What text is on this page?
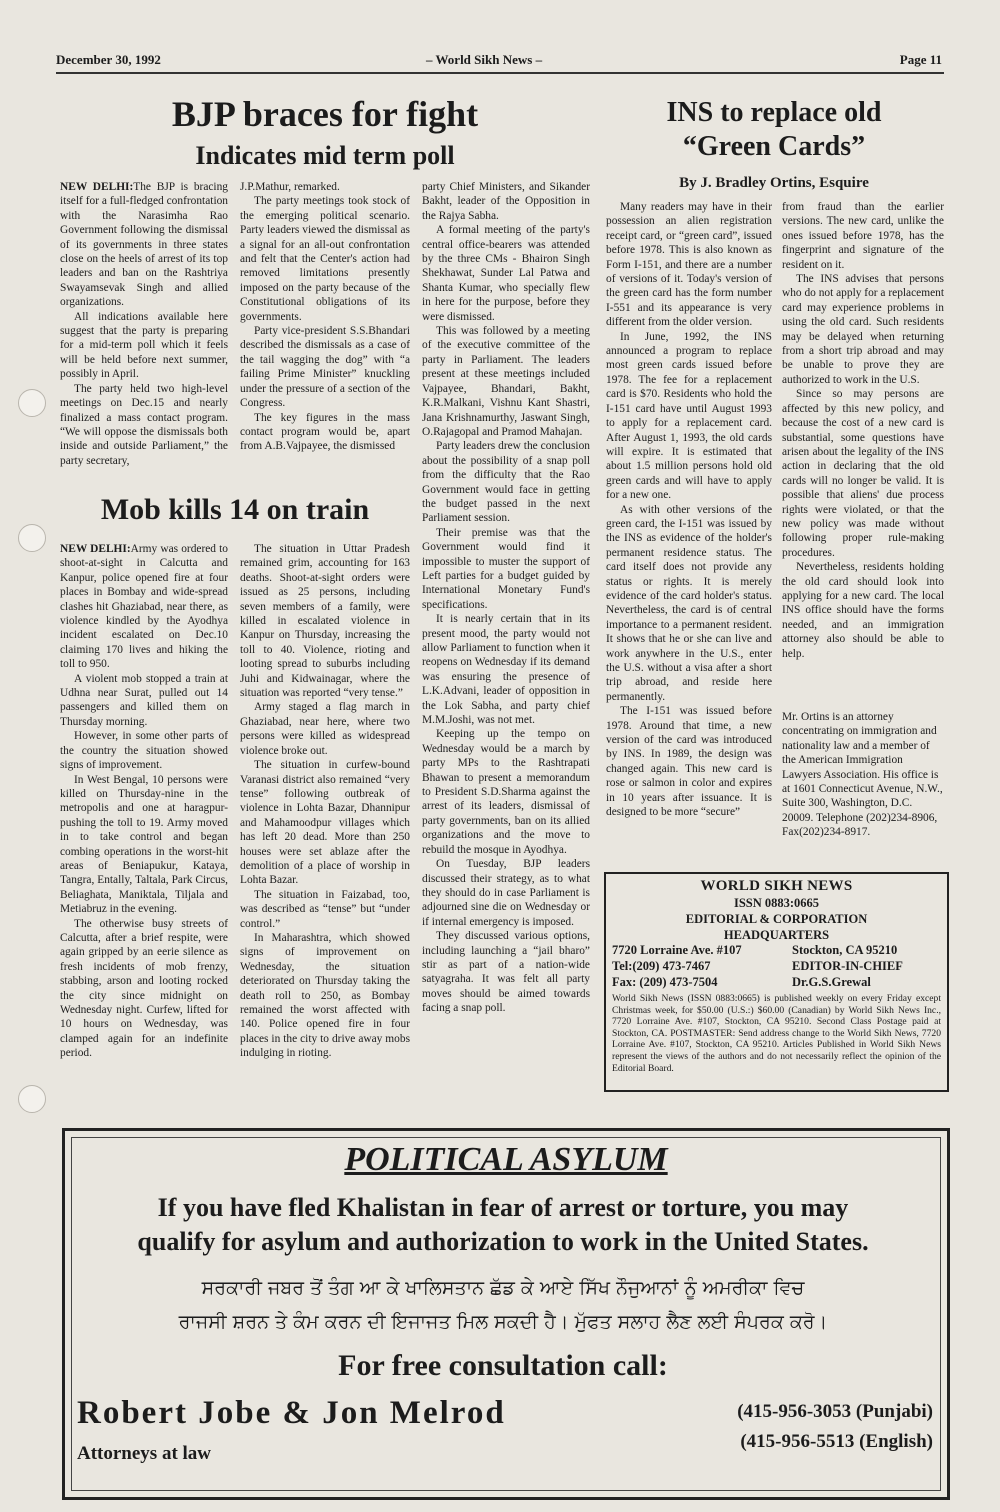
December 30, 1992	– World Sikh News –	Page 11
BJP braces for fight
Indicates mid term poll

NEW DELHI:The BJP is bracing itself for a full-fledged confrontation with the Narasimha Rao Government following the dismissal of its governments in three states close on the heels of arrest of its top leaders and ban on the Rashtriya Swayamsevak Singh and allied organizations.

All indications available here suggest that the party is preparing for a mid-term poll which it feels will be held before next summer, possibly in April.

The party held two high-level meetings on Dec.15 and nearly finalized a mass contact program. “We will oppose the dismissals both inside and outside Parliament,” the party secretary,

J.P.Mathur, remarked.

The party meetings took stock of the emerging political scenario. Party leaders viewed the dismissal as a signal for an all-out confrontation and felt that the Center's action had removed limitations presently imposed on the party because of the Constitutional obligations of its governments.

Party vice-president S.S.Bhandari described the dismissals as a case of the tail wagging the dog” with “a failing Prime Minister” knuckling under the pressure of a section of the Congress.

The key figures in the mass contact program would be, apart from A.B.Vajpayee, the dismissed

party Chief Ministers, and Sikander Bakht, leader of the Opposition in the Rajya Sabha.

A formal meeting of the party's central office-bearers was attended by the three CMs - Bhairon Singh Shekhawat, Sunder Lal Patwa and Shanta Kumar, who specially flew in here for the purpose, before they were dismissed.

This was followed by a meeting of the executive committee of the party in Parliament. The leaders present at these meetings included Vajpayee, Bhandari, Bakht, K.R.Malkani, Vishnu Kant Shastri, Jana Krishnamurthy, Jaswant Singh, O.Rajagopal and Pramod Mahajan.

Party leaders drew the conclusion about the possibility of a snap poll from the difficulty that the Rao Government would face in getting the budget passed in the next Parliament session.

Their premise was that the Government would find it impossible to muster the support of Left parties for a budget guided by International Monetary Fund's specifications.

It is nearly certain that in its present mood, the party would not allow Parliament to function when it reopens on Wednesday if its demand was ensuring the presence of L.K.Advani, leader of opposition in the Lok Sabha, and party chief M.M.Joshi, was not met.

Keeping up the tempo on Wednesday would be a march by party MPs to the Rashtrapati Bhawan to present a memorandum to President S.D.Sharma against the arrest of its leaders, dismissal of party governments, ban on its allied organizations and the move to rebuild the mosque in Ayodhya.

On Tuesday, BJP leaders discussed their strategy, as to what they should do in case Parliament is adjourned sine die on Wednesday or if internal emergency is imposed.

They discussed various options, including launching a “jail bharo” stir as part of a nation-wide satyagraha. It was felt all party moves should be aimed towards facing a snap poll.

Mob kills 14 on train

NEW DELHI:Army was ordered to shoot-at-sight in Calcutta and Kanpur, police opened fire at four places in Bombay and wide-spread clashes hit Ghaziabad, near there, as violence kindled by the Ayodhya incident escalated on Dec.10 claiming 170 lives and hiking the toll to 950.

A violent mob stopped a train at Udhna near Surat, pulled out 14 passengers and killed them on Thursday morning.

However, in some other parts of the country the situation showed signs of improvement.

In West Bengal, 10 persons were killed on Thursday-nine in the metropolis and one at haragpur-pushing the toll to 19. Army moved in to take control and began combing operations in the worst-hit areas of Beniapukur, Kataya, Tangra, Entally, Taltala, Park Circus, Beliaghata, Maniktala, Tiljala and Metiabruz in the evening.

The otherwise busy streets of Calcutta, after a brief respite, were again gripped by an eerie silence as fresh incidents of mob frenzy, stabbing, arson and looting rocked the city since midnight on Wednesday night. Curfew, lifted for 10 hours on Wednesday, was clamped again for an indefinite period.

The situation in Uttar Pradesh remained grim, accounting for 163 deaths. Shoot-at-sight orders were issued as 25 persons, including seven members of a family, were killed in escalated violence in Kanpur on Thursday, increasing the toll to 40. Violence, rioting and looting spread to suburbs including Juhi and Kidwainagar, where the situation was reported “very tense.”

Army staged a flag march in Ghaziabad, near here, where two persons were killed as widespread violence broke out.

The situation in curfew-bound Varanasi district also remained “very tense” following outbreak of violence in Lohta Bazar, Dhannipur and Mahamoodpur villages which has left 20 dead. More than 250 houses were set ablaze after the demolition of a place of worship in Lohta Bazar.

The situation in Faizabad, too, was described as “tense” but “under control.”

In Maharashtra, which showed signs of improvement on Wednesday, the situation deteriorated on Thursday taking the death roll to 250, as Bombay remained the worst affected with 140. Police opened fire in four places in the city to drive away mobs indulging in rioting.

INS to replace old
“Green Cards”
By J. Bradley Ortins, Esquire

Many readers may have in their possession an alien registration receipt card, or “green card”, issued before 1978. This is also known as Form I-151, and there are a number of versions of it. Today's version of the green card has the form number I-551 and its appearance is very different from the older version.

In June, 1992, the INS announced a program to replace most green cards issued before 1978. The fee for a replacement card is $70. Residents who hold the I-151 card have until August 1993 to apply for a replacement card. After August 1, 1993, the old cards will expire. It is estimated that about 1.5 million persons hold old green cards and will have to apply for a new one.

As with other versions of the green card, the I-151 was issued by the INS as evidence of the holder's permanent residence status. The card itself does not provide any status or rights. It is merely evidence of the card holder's status. Nevertheless, the card is of central importance to a permanent resident. It shows that he or she can live and work anywhere in the U.S., enter the U.S. without a visa after a short trip abroad, and reside here permanently.

The I-151 was issued before 1978. Around that time, a new version of the card was introduced by INS. In 1989, the design was changed again. This new card is rose or salmon in color and expires in 10 years after issuance. It is designed to be more “secure”

from fraud than the earlier versions. The new card, unlike the ones issued before 1978, has the fingerprint and signature of the resident on it.

The INS advises that persons who do not apply for a replacement card may experience problems in using the old card. Such residents may be delayed when returning from a short trip abroad and may be unable to prove they are authorized to work in the U.S.

Since so may persons are affected by this new policy, and because the cost of a new card is substantial, some questions have arisen about the legality of the INS action in declaring that the old cards will no longer be valid. It is possible that aliens' due process rights were violated, or that the new policy was made without following proper rule-making procedures.

Nevertheless, residents holding the old card should look into applying for a new card. The local INS office should have the forms needed, and an immigration attorney also should be able to help.

Mr. Ortins is an attorney concentrating on immigration and nationality law and a member of the American Immigration Lawyers Association. His office is at 1601 Connecticut Avenue, N.W., Suite 300, Washington, D.C. 20009. Telephone (202)234-8906, Fax(202)234-8917.

WORLD SIKH NEWS
ISSN 0883:0665
EDITORIAL & CORPORATION
HEADQUARTERS
7720 Lorraine Ave. #107	Stockton, CA 95210
Tel:(209) 473-7467	EDITOR-IN-CHIEF
Fax: (209) 473-7504	Dr.G.S.Grewal
World Sikh News (ISSN 0883:0665) is published weekly on every Friday except Christmas week, for $50.00 (U.S.:) $60.00 (Canadian) by World Sikh News Inc., 7720 Lorraine Ave. #107, Stockton, CA 95210. Second Class Postage paid at Stockton, CA. POSTMASTER: Send address change to the World Sikh News, 7720 Lorraine Ave. #107, Stockton, CA 95210. Articles Published in World Sikh News represent the views of the authors and do not necessarily reflect the opinion of the Editorial Board.
POLITICAL ASYLUM
If you have fled Khalistan in fear of arrest or torture, you may
qualify for asylum and authorization to work in the United States.
ਸਰਕਾਰੀ ਜਬਰ ਤੋਂ ਤੰਗ ਆ ਕੇ ਖਾਲਿਸਤਾਨ ਛੱਡ ਕੇ ਆਏ ਸਿੱਖ ਨੌਜੁਆਨਾਂ ਨੂੰ ਅਮਰੀਕਾ ਵਿਚ
ਰਾਜਸੀ ਸ਼ਰਨ ਤੇ ਕੰਮ ਕਰਨ ਦੀ ਇਜਾਜਤ ਮਿਲ ਸਕਦੀ ਹੈ। ਮੁੱਫਤ ਸਲਾਹ ਲੈਣ ਲਈ ਸੰਪਰਕ ਕਰੋ।
For free consultation call:
Robert Jobe & Jon Melrod
Attorneys at law
(415-956-3053 (Punjabi)
(415-956-5513 (English)
